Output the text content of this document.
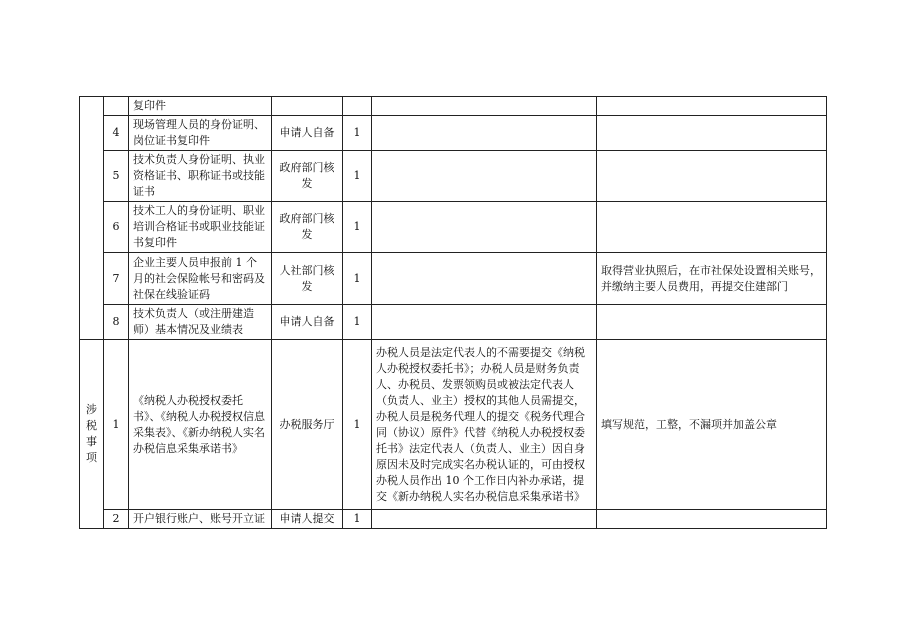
		复印件				
	4	现场管理人员的身份证明、岗位证书复印件	申请人自备	1		
	5	技术负责人身份证明、执业资格证书、职称证书或技能证书	政府部门核发	1		
	6	技术工人的身份证明、职业培训合格证书或职业技能证书复印件	政府部门核发	1		
	7	企业主要人员申报前 1 个月的社会保险帐号和密码及社保在线验证码	人社部门核发	1		取得营业执照后，在市社保处设置相关账号，并缴纳主要人员费用，再提交住建部门
	8	技术负责人（或注册建造师）基本情况及业绩表	申请人自备	1		
涉税事项	1	《纳税人办税授权委托书》、《纳税人办税授权信息采集表》、《新办纳税人实名办税信息采集承诺书》	办税服务厅	1	办税人员是法定代表人的不需要提交《纳税人办税授权委托书》；办税人员是财务负责人、办税员、发票领购员或被法定代表人（负责人、业主）授权的其他人员需提交，办税人员是税务代理人的提交《税务代理合同（协议）原件》代替《纳税人办税授权委托书》法定代表人（负责人、业主）因自身原因未及时完成实名办税认证的，可由授权办税人员作出 10 个工作日内补办承诺，提交《新办纳税人实名办税信息采集承诺书》	填写规范，工整，不漏项并加盖公章
	2	开户银行账户、账号开立证	申请人提交	1		
